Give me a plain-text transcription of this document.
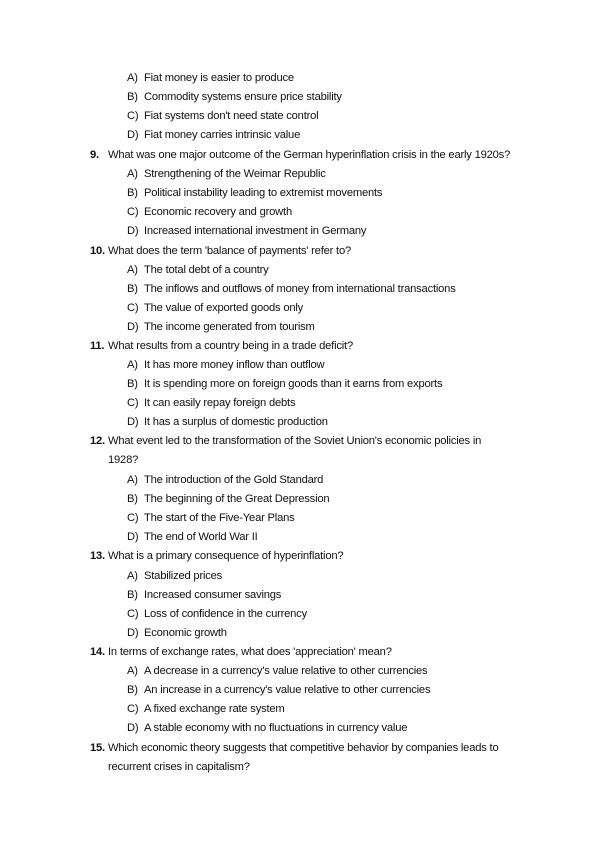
A) Fiat money is easier to produce
B) Commodity systems ensure price stability
C) Fiat systems don't need state control
D) Fiat money carries intrinsic value
9. What was one major outcome of the German hyperinflation crisis in the early 1920s?
A) Strengthening of the Weimar Republic
B) Political instability leading to extremist movements
C) Economic recovery and growth
D) Increased international investment in Germany
10. What does the term 'balance of payments' refer to?
A) The total debt of a country
B) The inflows and outflows of money from international transactions
C) The value of exported goods only
D) The income generated from tourism
11. What results from a country being in a trade deficit?
A) It has more money inflow than outflow
B) It is spending more on foreign goods than it earns from exports
C) It can easily repay foreign debts
D) It has a surplus of domestic production
12. What event led to the transformation of the Soviet Union's economic policies in
1928?
A) The introduction of the Gold Standard
B) The beginning of the Great Depression
C) The start of the Five-Year Plans
D) The end of World War II
13. What is a primary consequence of hyperinflation?
A) Stabilized prices
B) Increased consumer savings
C) Loss of confidence in the currency
D) Economic growth
14. In terms of exchange rates, what does 'appreciation' mean?
A) A decrease in a currency's value relative to other currencies
B) An increase in a currency's value relative to other currencies
C) A fixed exchange rate system
D) A stable economy with no fluctuations in currency value
15. Which economic theory suggests that competitive behavior by companies leads to
recurrent crises in capitalism?
